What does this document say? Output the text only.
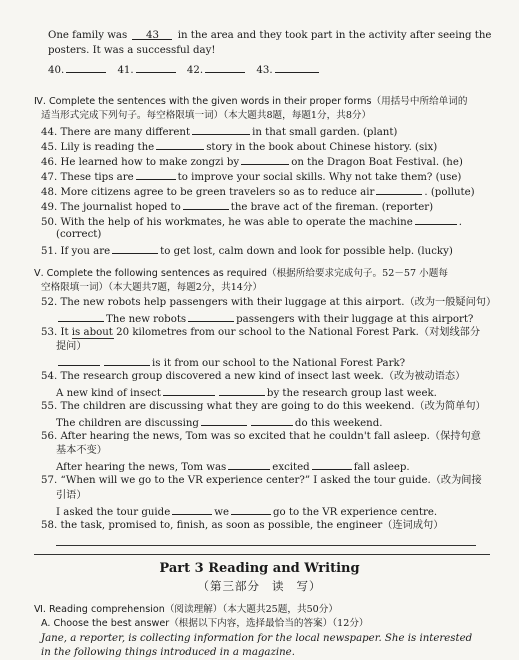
One family was 43 in the area and they took part in the activity after seeing the
posters. It was a successful day!
40.	41.	42.	43.
Ⅳ. Complete the sentences with the given words in their proper forms（用括号中所给单词的
适当形式完成下列句子。每空格限填一词）（本大题共8题，每题1分，共8分）
44. There are many different	in that small garden. (plant)
45. Lily is reading the	story in the book about Chinese history. (six)
46. He learned how to make zongzi by	on the Dragon Boat Festival. (he)
47. These tips are	to improve your social skills. Why not take them? (use)
48. More citizens agree to be green travelers so as to reduce air	. (pollute)
49. The journalist hoped to	the brave act of the fireman. (reporter)
50. With the help of his workmates, he was able to operate the machine	.
(correct)
51. If you are	to get lost, calm down and look for possible help. (lucky)
Ⅴ. Complete the following sentences as required（根据所给要求完成句子。52－57 小题每
空格限填一词）（本大题共7题，每题2分，共14分）
52. The new robots help passengers with their luggage at this airport.（改为一般疑问句）
The new robots	passengers with their luggage at this airport?
53. It is about 20 kilometres from our school to the National Forest Park.（对划线部分
提问）
is it from our school to the National Forest Park?
54. The research group discovered a new kind of insect last week.（改为被动语态）
A new kind of insect	by the research group last week.
55. The children are discussing what they are going to do this weekend.（改为简单句）
The children are discussing	do this weekend.
56. After hearing the news, Tom was so excited that he couldn't fall asleep.（保持句意
基本不变）
After hearing the news, Tom was	excited	fall asleep.
57. “When will we go to the VR experience center?” I asked the tour guide.（改为间接
引语）
I asked the tour guide	we	go to the VR experience centre.
58. the task, promised to, finish, as soon as possible, the engineer（连词成句）
Part 3 Reading and Writing
（第三部分 读 写）
Ⅵ. Reading comprehension（阅读理解）（本大题共25题，共50分）
A. Choose the best answer（根据以下内容，选择最恰当的答案）（12分）
Jane, a reporter, is collecting information for the local newspaper. She is interested
in the following things introduced in a magazine.
